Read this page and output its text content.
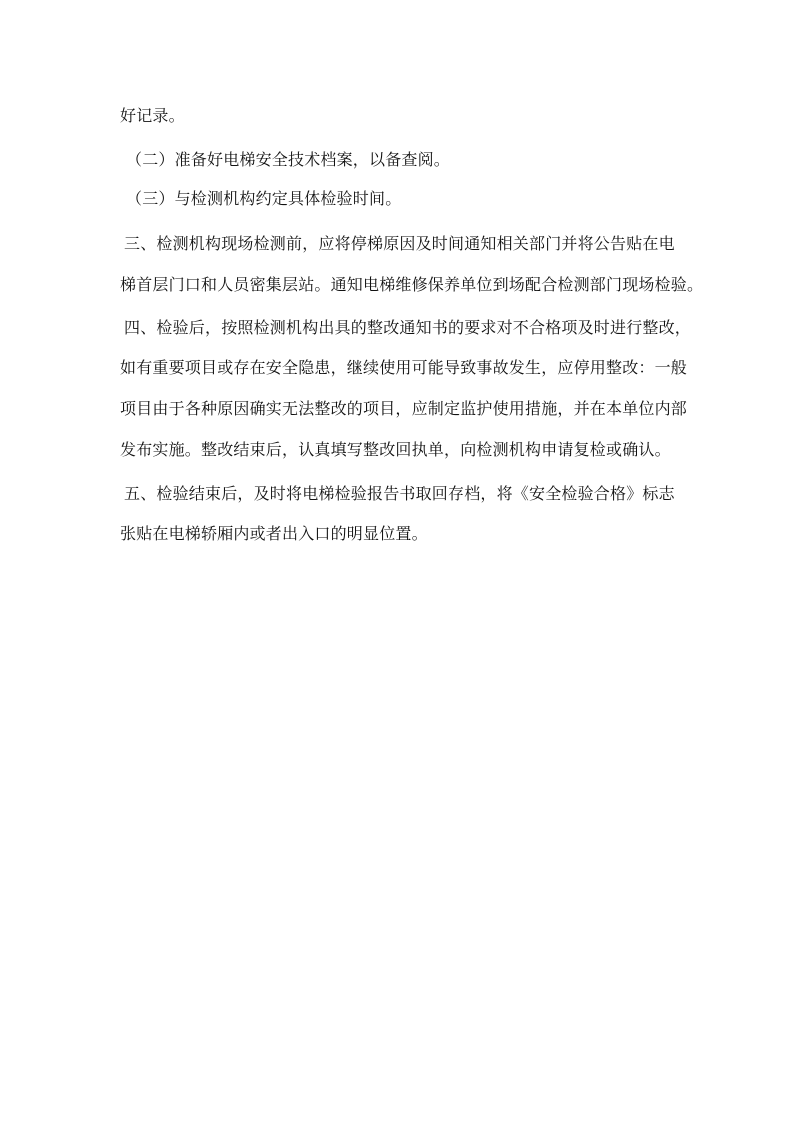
好记录。
（二）准备好电梯安全技术档案，以备查阅。
（三）与检测机构约定具体检验时间。
三、检测机构现场检测前，应将停梯原因及时间通知相关部门并将公告贴在电
梯首层门口和人员密集层站。通知电梯维修保养单位到场配合检测部门现场检验。
四、检验后，按照检测机构出具的整改通知书的要求对不合格项及时进行整改，
如有重要项目或存在安全隐患，继续使用可能导致事故发生，应停用整改：一般
项目由于各种原因确实无法整改的项目，应制定监护使用措施，并在本单位内部
发布实施。整改结束后，认真填写整改回执单，向检测机构申请复检或确认。
五、检验结束后，及时将电梯检验报告书取回存档，将《安全检验合格》标志
张贴在电梯轿厢内或者出入口的明显位置。
